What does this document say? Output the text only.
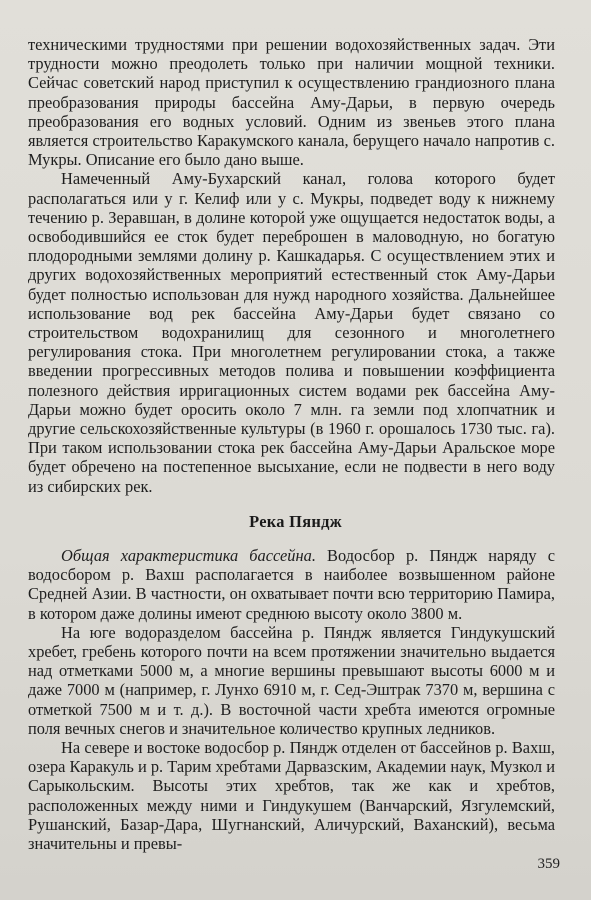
техническими трудностями при решении водохозяйственных задач. Эти трудности можно преодолеть только при наличии мощной техники. Сейчас советский народ приступил к осуществлению грандиозного плана преобразования природы бассейна Аму-Дарьи, в первую очередь преобразования его водных условий. Одним из звеньев этого плана является строительство Каракумского канала, берущего начало напротив с. Мукры. Описание его было дано выше.

Намеченный Аму-Бухарский канал, голова которого будет располагаться или у г. Келиф или у с. Мукры, подведет воду к нижнему течению р. Зеравшан, в долине которой уже ощущается недостаток воды, а освободившийся ее сток будет переброшен в маловодную, но богатую плодородными землями долину р. Кашкадарья. С осуществлением этих и других водохозяйственных мероприятий естественный сток Аму-Дарьи будет полностью использован для нужд народного хозяйства. Дальнейшее использование вод рек бассейна Аму-Дарьи будет связано со строительством водохранилищ для сезонного и многолетнего регулирования стока. При многолетнем регулировании стока, а также введении прогрессивных методов полива и повышении коэффициента полезного действия ирригационных систем водами рек бассейна Аму-Дарьи можно будет оросить около 7 млн. га земли под хлопчатник и другие сельскохозяйственные культуры (в 1960 г. орошалось 1730 тыс. га). При таком использовании стока рек бассейна Аму-Дарьи Аральское море будет обречено на постепенное высыхание, если не подвести в него воду из сибирских рек.

Река Пяндж

Общая характеристика бассейна. Водосбор р. Пяндж наряду с водосбором р. Вахш располагается в наиболее возвышенном районе Средней Азии. В частности, он охватывает почти всю территорию Памира, в котором даже долины имеют среднюю высоту около 3800 м.

На юге водоразделом бассейна р. Пяндж является Гиндукушский хребет, гребень которого почти на всем протяжении значительно выдается над отметками 5000 м, а многие вершины превышают высоты 6000 м и даже 7000 м (например, г. Лунхо 6910 м, г. Сед-Эштрак 7370 м, вершина с отметкой 7500 м и т. д.). В восточной части хребта имеются огромные поля вечных снегов и значительное количество крупных ледников.

На севере и востоке водосбор р. Пяндж отделен от бассейнов р. Вахш, озера Каракуль и р. Тарим хребтами Дарвазским, Академии наук, Музкол и Сарыкольским. Высоты этих хребтов, так же как и хребтов, расположенных между ними и Гиндукушем (Ванчарский, Язгулемский, Рушанский, Базар-Дара, Шугнанский, Аличурский, Ваханский), весьма значительны и превы-

359
